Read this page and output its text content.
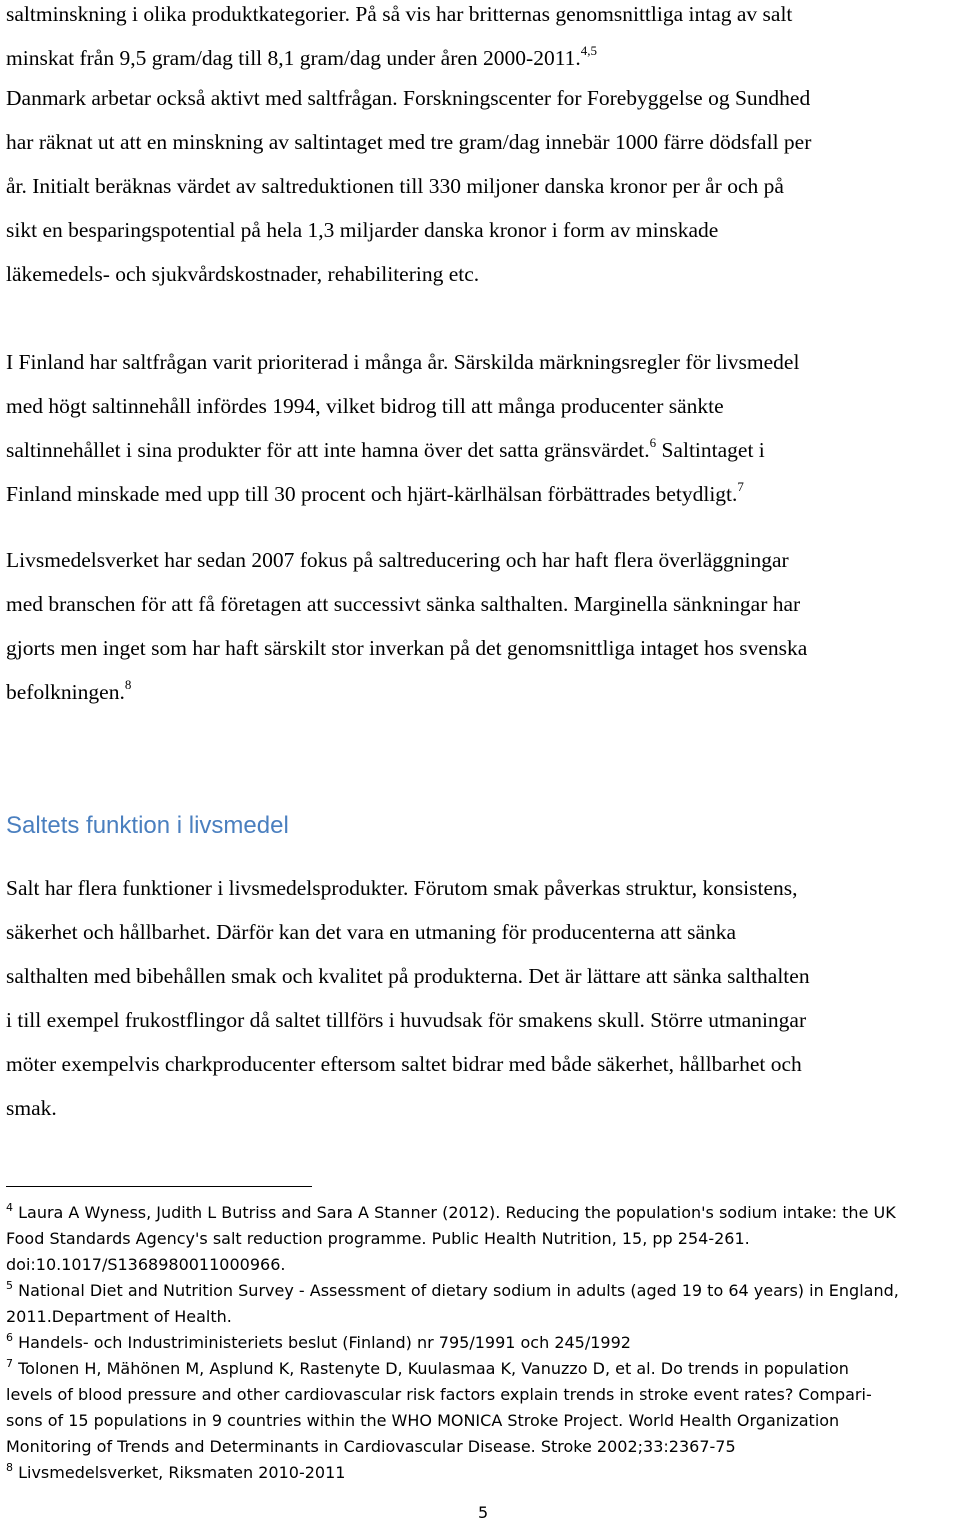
saltminskning i olika produktkategorier. På så vis har britternas genomsnittliga intag av salt
minskat från 9,5 gram/dag till 8,1 gram/dag under åren 2000-2011.$^{4,5}$
Danmark arbetar också aktivt med saltfrågan. Forskningscenter for Forebyggelse og Sundhed
har räknat ut att en minskning av saltintaget med tre gram/dag innebär 1000 färre dödsfall per
år. Initialt beräknas värdet av saltreduktionen till 330 miljoner danska kronor per år och på
sikt en besparingspotential på hela 1,3 miljarder danska kronor i form av minskade
läkemedels- och sjukvårdskostnader, rehabilitering etc.
I Finland har saltfrågan varit prioriterad i många år. Särskilda märkningsregler för livsmedel
med högt saltinnehåll infördes 1994, vilket bidrog till att många producenter sänkte
saltinnehållet i sina produkter för att inte hamna över det satta gränsvärdet.$^6$ Saltintaget i
Finland minskade med upp till 30 procent och hjärt-kärlhälsan förbättrades betydligt.$^7$
Livsmedelsverket har sedan 2007 fokus på saltreducering och har haft flera överläggningar
med branschen för att få företagen att successivt sänka salthalten. Marginella sänkningar har
gjorts men inget som har haft särskilt stor inverkan på det genomsnittliga intaget hos svenska
befolkningen.$^8$
Saltets funktion i livsmedel
Salt har flera funktioner i livsmedelsprodukter. Förutom smak påverkas struktur, konsistens,
säkerhet och hållbarhet. Därför kan det vara en utmaning för producenterna att sänka
salthalten med bibehållen smak och kvalitet på produkterna. Det är lättare att sänka salthalten
i till exempel frukostflingor då saltet tillförs i huvudsak för smakens skull. Större utmaningar
möter exempelvis charkproducenter eftersom saltet bidrar med både säkerhet, hållbarhet och
smak.
$^4$ Laura A Wyness, Judith L Butriss and Sara A Stanner (2012). Reducing the population's sodium intake: the UK
Food Standards Agency's salt reduction programme. Public Health Nutrition, 15, pp 254-261.
doi:10.1017/S1368980011000966.
$^5$ National Diet and Nutrition Survey - Assessment of dietary sodium in adults (aged 19 to 64 years) in England,
2011.Department of Health.
$^6$ Handels- och Industriministeriets beslut (Finland) nr 795/1991 och 245/1992
$^7$ Tolonen H, Mähönen M, Asplund K, Rastenyte D, Kuulasmaa K, Vanuzzo D, et al. Do trends in population
levels of blood pressure and other cardiovascular risk factors explain trends in stroke event rates? Compari-
sons of 15 populations in 9 countries within the WHO MONICA Stroke Project. World Health Organization
Monitoring of Trends and Determinants in Cardiovascular Disease. Stroke 2002;33:2367-75
$^8$ Livsmedelsverket, Riksmaten 2010-2011
5
